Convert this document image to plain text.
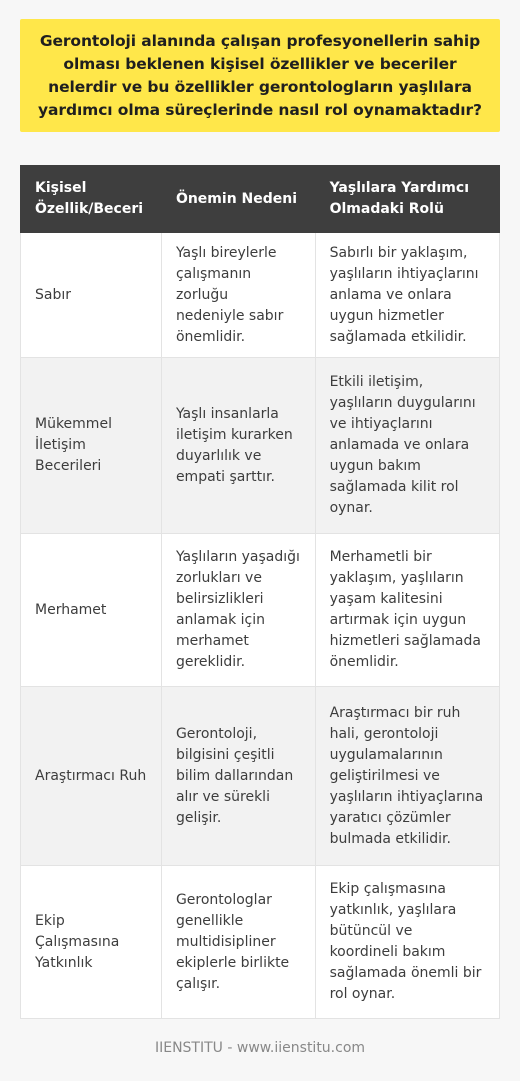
Gerontoloji alanında çalışan profesyonellerin sahip olması beklenen kişisel özellikler ve beceriler nelerdir ve bu özellikler gerontologların yaşlılara yardımcı olma süreçlerinde nasıl rol oynamaktadır?
Kişisel Özellik/Beceri	Önemin Nedeni	Yaşlılara Yardımcı Olmadaki Rolü
Sabır	Yaşlı bireylerle çalışmanın zorluğu nedeniyle sabır önemlidir.	Sabırlı bir yaklaşım, yaşlıların ihtiyaçlarını anlama ve onlara uygun hizmetler sağlamada etkilidir.
Mükemmel İletişim Becerileri	Yaşlı insanlarla iletişim kurarken duyarlılık ve empati şarttır.	Etkili iletişim, yaşlıların duygularını ve ihtiyaçlarını anlamada ve onlara uygun bakım sağlamada kilit rol oynar.
Merhamet	Yaşlıların yaşadığı zorlukları ve belirsizlikleri anlamak için merhamet gereklidir.	Merhametli bir yaklaşım, yaşlıların yaşam kalitesini artırmak için uygun hizmetleri sağlamada önemlidir.
Araştırmacı Ruh	Gerontoloji, bilgisini çeşitli bilim dallarından alır ve sürekli gelişir.	Araştırmacı bir ruh hali, gerontoloji uygulamalarının geliştirilmesi ve yaşlıların ihtiyaçlarına yaratıcı çözümler bulmada etkilidir.
Ekip Çalışmasına Yatkınlık	Gerontologlar genellikle multidisipliner ekiplerle birlikte çalışır.	Ekip çalışmasına yatkınlık, yaşlılara bütüncül ve koordineli bakım sağlamada önemli bir rol oynar.
IIENSTITU - www.iienstitu.com
